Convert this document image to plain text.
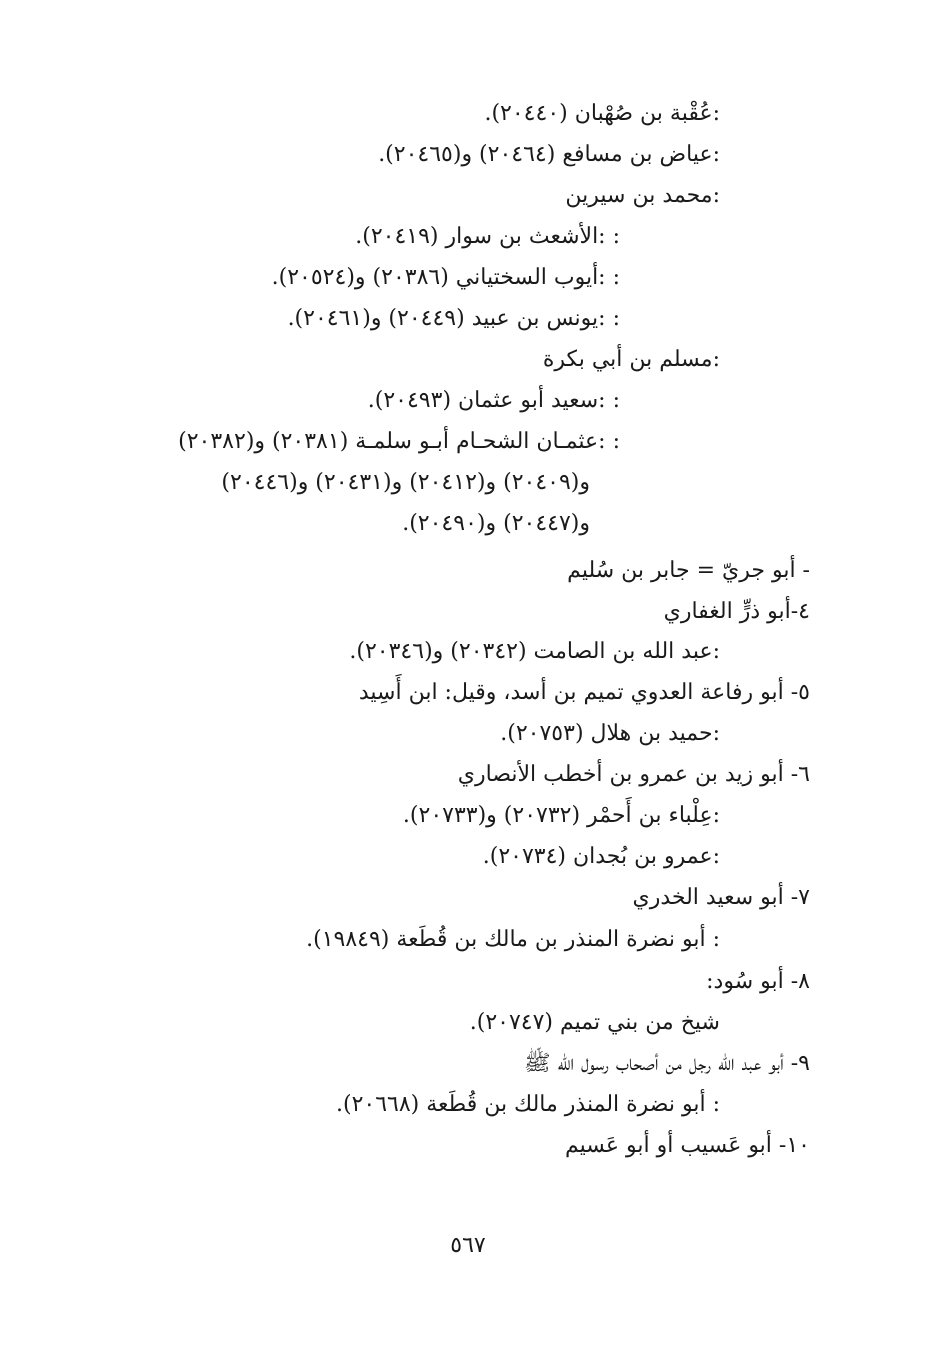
:عُقْبة بن صُهْبان (٢٠٤٤٠).
:عياض بن مسافع (٢٠٤٦٤) و(٢٠٤٦٥).
:محمد بن سيرين
: :الأشعث بن سوار (٢٠٤١٩).
: :أيوب السختياني (٢٠٣٨٦) و(٢٠٥٢٤).
: :يونس بن عبيد (٢٠٤٤٩) و(٢٠٤٦١).
:مسلم بن أبي بكرة
: :سعيد أبو عثمان (٢٠٤٩٣).
: :عثمـان الشحـام أبـو سلمـة (٢٠٣٨١) و(٢٠٣٨٢)
و(٢٠٤٠٩) و(٢٠٤١٢) و(٢٠٤٣١) و(٢٠٤٤٦)
و(٢٠٤٤٧) و(٢٠٤٩٠).
- أبو جريّ = جابر بن سُليم
٤-أبو ذرٍّ الغفاري
:عبد الله بن الصامت (٢٠٣٤٢) و(٢٠٣٤٦).
٥- أبو رفاعة العدوي تميم بن أسد، وقيل: ابن أَسِيد
:حميد بن هلال (٢٠٧٥٣).
٦- أبو زيد بن عمرو بن أخطب الأنصاري
:عِلْباء بن أَحمْر (٢٠٧٣٢) و(٢٠٧٣٣).
:عمرو بن بُجدان (٢٠٧٣٤).
٧- أبو سعيد الخدري
: أبو نضرة المنذر بن مالك بن قُطَعة (١٩٨٤٩).
٨- أبو سُود:
شيخ من بني تميم (٢٠٧٤٧).
٩- أبو عبد الله رجل من أصحاب رسول الله ﷺ
: أبو نضرة المنذر مالك بن قُطَعة (٢٠٦٦٨).
١٠- أبو عَسيب أو أبو عَسيم
٥٦٧
